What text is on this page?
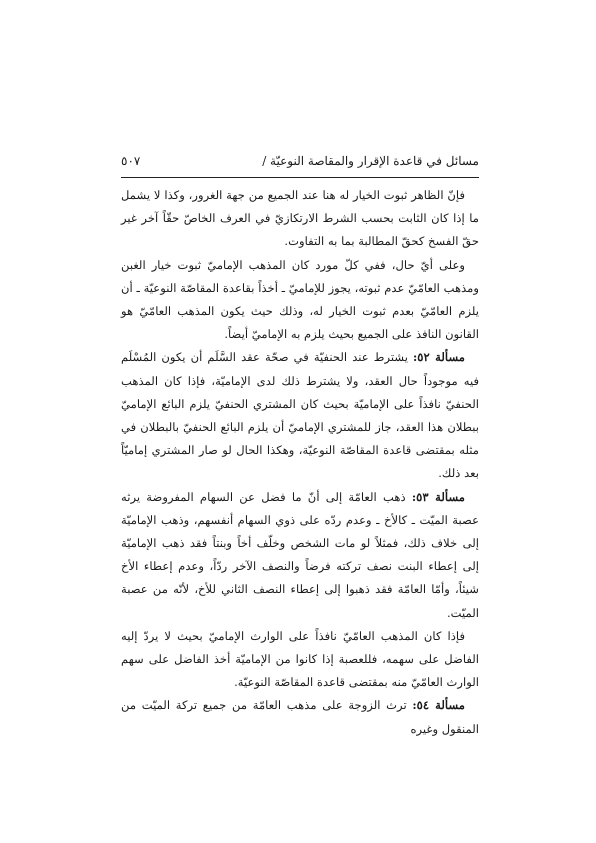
مسائل في قاعدة الإقرار والمقاصة النوعيّة /
٥٠٧

فإنّ الظاهر ثبوت الخيار له هنا عند الجميع من جهة الغرور، وكذا لا يشمل ما إذا كان الثابت بحسب الشرط الارتكازيّ في العرف الخاصّ حقّاً آخر غير حقّ الفسخ كحقّ المطالبة بما به التفاوت.

وعلى أيّ حال، ففي كلّ مورد كان المذهب الإماميّ ثبوت خيار الغبن ومذهب العامّيّ عدم ثبوته، يجوز للإماميّ ـ أخذاً بقاعدة المقاصّة النوعيّة ـ أن يلزم العامّيّ بعدم ثبوت الخيار له، وذلك حيث يكون المذهب العامّيّ هو القانون النافذ على الجميع بحيث يلزم به الإماميّ أيضاً.

مسألة ٥٢: يشترط عند الحنفيّة في صحّة عقد السَّلَم أن يكون المُسْلَم فيه موجوداً حال العقد، ولا يشترط ذلك لدى الإماميّة، فإذا كان المذهب الحنفيّ نافذاً على الإماميّة بحيث كان المشتري الحنفيّ يلزم البائع الإماميّ ببطلان هذا العقد، جاز للمشتري الإماميّ أن يلزم البائع الحنفيّ بالبطلان في مثله بمقتضى قاعدة المقاصّة النوعيّة، وهكذا الحال لو صار المشتري إماميّاً بعد ذلك.

مسألة ٥٣: ذهب العامّة إلى أنّ ما فضل عن السهام المفروضة يرثه عصبة الميّت ـ كالأخ ـ وعدم ردّه على ذوي السهام أنفسهم، وذهب الإماميّة إلى خلاف ذلك، فمثلاً لو مات الشخص وخلّف أخاً وبنتاً فقد ذهب الإماميّة إلى إعطاء البنت نصف تركته فرضاً والنصف الآخر ردّاً، وعدم إعطاء الأخ شيئاً، وأمّا العامّة فقد ذهبوا إلى إعطاء النصف الثاني للأخ، لأنّه من عصبة الميّت.

فإذا كان المذهب العامّيّ نافذاً على الوارث الإماميّ بحيث لا يردّ إليه الفاضل على سهمه، فللعصبة إذا كانوا من الإماميّة أخذ الفاضل على سهم الوارث العامّيّ منه بمقتضى قاعدة المقاصّة النوعيّة.

مسألة ٥٤: ترث الزوجة على مذهب العامّة من جميع تركة الميّت من المنقول وغيره
